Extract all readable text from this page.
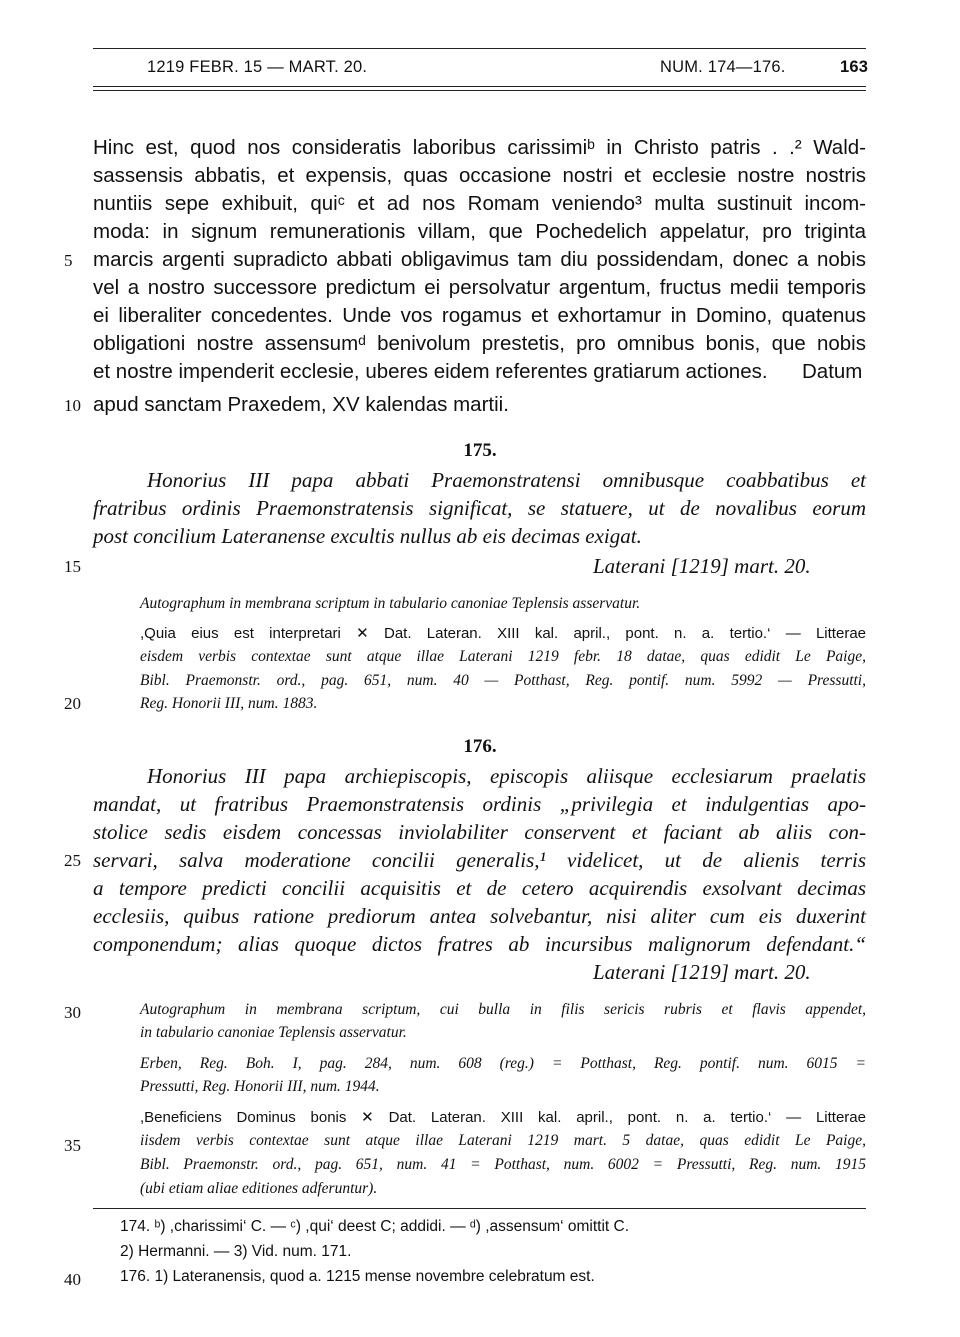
1219 FEBR. 15 — MART. 20.	NUM. 174—176.	163
Hinc est, quod nos consideratis laboribus carissimiᵇ in Christo patris . .² Wald-
sassensis abbatis, et expensis, quas occasione nostri et ecclesie nostre nostris
nuntiis sepe exhibuit, quiᶜ et ad nos Romam veniendo³ multa sustinuit incom-
moda: in signum remunerationis villam, que Pochedelich appelatur, pro triginta
marcis argenti supradicto abbati obligavimus tam diu possidendam, donec a nobis
vel a nostro successore predictum ei persolvatur argentum, fructus medii temporis
ei liberaliter concedentes. Unde vos rogamus et exhortamur in Domino, quatenus
obligationi nostre assensumᵈ benivolum prestetis, pro omnibus bonis, que nobis
et nostre impenderit ecclesie, uberes eidem referentes gratiarum actiones. Datum
apud sanctam Praxedem, XV kalendas martii.
175.
Honorius III papa abbati Praemonstratensi omnibusque coabbatibus et
fratribus ordinis Praemonstratensis significat, se statuere, ut de novalibus eorum
post concilium Lateranense excultis nullus ab eis decimas exigat.
Laterani [1219] mart. 20.
Autographum in membrana scriptum in tabulario canoniae Teplensis asservatur.
,Quia eius est interpretari ✕ Dat. Lateran. XIII kal. april., pont. n. a. tertio.‘ — Litterae
eisdem verbis contextae sunt atque illae Laterani 1219 febr. 18 datae, quas edidit Le Paige,
Bibl. Praemonstr. ord., pag. 651, num. 40 — Potthast, Reg. pontif. num. 5992 — Pressutti,
Reg. Honorii III, num. 1883.
176.
Honorius III papa archiepiscopis, episcopis aliisque ecclesiarum praelatis
mandat, ut fratribus Praemonstratensis ordinis „privilegia et indulgentias apo-
stolice sedis eisdem concessas inviolabiliter conservent et faciant ab aliis con-
servari, salva moderatione concilii generalis,¹ videlicet, ut de alienis terris
a tempore predicti concilii acquisitis et de cetero acquirendis exsolvant decimas
ecclesiis, quibus ratione prediorum antea solvebantur, nisi aliter cum eis duxerint
componendum; alias quoque dictos fratres ab incursibus malignorum defendant.“
Laterani [1219] mart. 20.
Autographum in membrana scriptum, cui bulla in filis sericis rubris et flavis appendet,
in tabulario canoniae Teplensis asservatur.
Erben, Reg. Boh. I, pag. 284, num. 608 (reg.) = Potthast, Reg. pontif. num. 6015 =
Pressutti, Reg. Honorii III, num. 1944.
,Beneficiens Dominus bonis ✕ Dat. Lateran. XIII kal. april., pont. n. a. tertio.‘ — Litterae
iisdem verbis contextae sunt atque illae Laterani 1219 mart. 5 datae, quas edidit Le Paige,
Bibl. Praemonstr. ord., pag. 651, num. 41 = Potthast, num. 6002 = Pressutti, Reg. num. 1915
(ubi etiam aliae editiones adferuntur).
174. ᵇ) ,charissimi‘ C. — ᶜ) ,qui‘ deest C; addidi. — ᵈ) ,assensum‘ omittit C.
2) Hermanni. — 3) Vid. num. 171.
176. 1) Lateranensis, quod a. 1215 mense novembre celebratum est.
5
10
15
20
25
30
35
40
